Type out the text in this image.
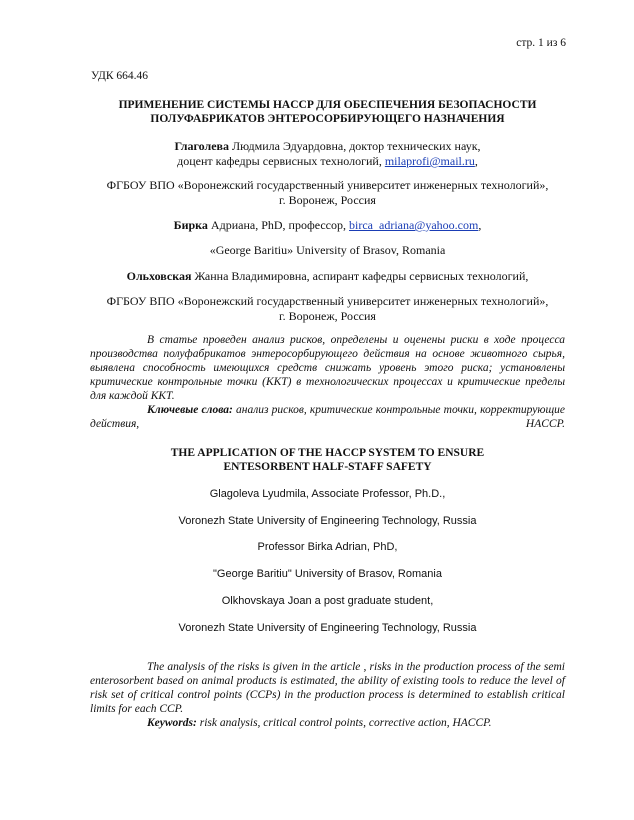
стр. 1 из 6
УДК 664.46
ПРИМЕНЕНИЕ СИСТЕМЫ HACCP ДЛЯ ОБЕСПЕЧЕНИЯ БЕЗОПАСНОСТИ
ПОЛУФАБРИКАТОВ ЭНТЕРОСОРБИРУЮЩЕГО НАЗНАЧЕНИЯ
Глаголева Людмила Эдуардовна, доктор технических наук,
доцент кафедры сервисных технологий, milaprofi@mail.ru,
ФГБОУ ВПО «Воронежский государственный университет инженерных технологий»,
г. Воронеж, Россия
Бирка Адриана, PhD, профессор, birca_adriana@yahoo.com,
«George Baritiu» University of Brasov, Romania
Ольховская Жанна Владимировна, аспирант кафедры сервисных технологий,
ФГБОУ ВПО «Воронежский государственный университет инженерных технологий»,
г. Воронеж, Россия

В статье проведен анализ рисков, определены и оценены риски в ходе процесса производства полуфабрикатов энтеросорбирующего действия на основе животного сырья, выявлена способность имеющихся средств снижать уровень этого риска; установлены критические контрольные точки (ККТ) в технологических процессах и критические пределы для каждой ККТ.

Ключевые слова: анализ рисков, критические контрольные точки, корректирующие действия, HACCP.

THE APPLICATION OF THE HACCP SYSTEM TO ENSURE
ENTESORBENT HALF-STAFF SAFETY
Glagoleva Lyudmila, Associate Professor, Ph.D.,
Voronezh State University of Engineering Technology, Russia
Professor Birka Adrian, PhD,
"George Baritiu" University of Brasov, Romania
Olkhovskaya Joan a post graduate student,
Voronezh State University of Engineering Technology, Russia

The analysis of the risks is given in the article , risks in the production process of the semi enterosorbent based on animal products is estimated, the ability of existing tools to reduce the level of risk set of critical control points (CCPs) in the production process is determined to establish critical limits for each CCP.

Keywords: risk analysis, critical control points, corrective action, HACCP.
